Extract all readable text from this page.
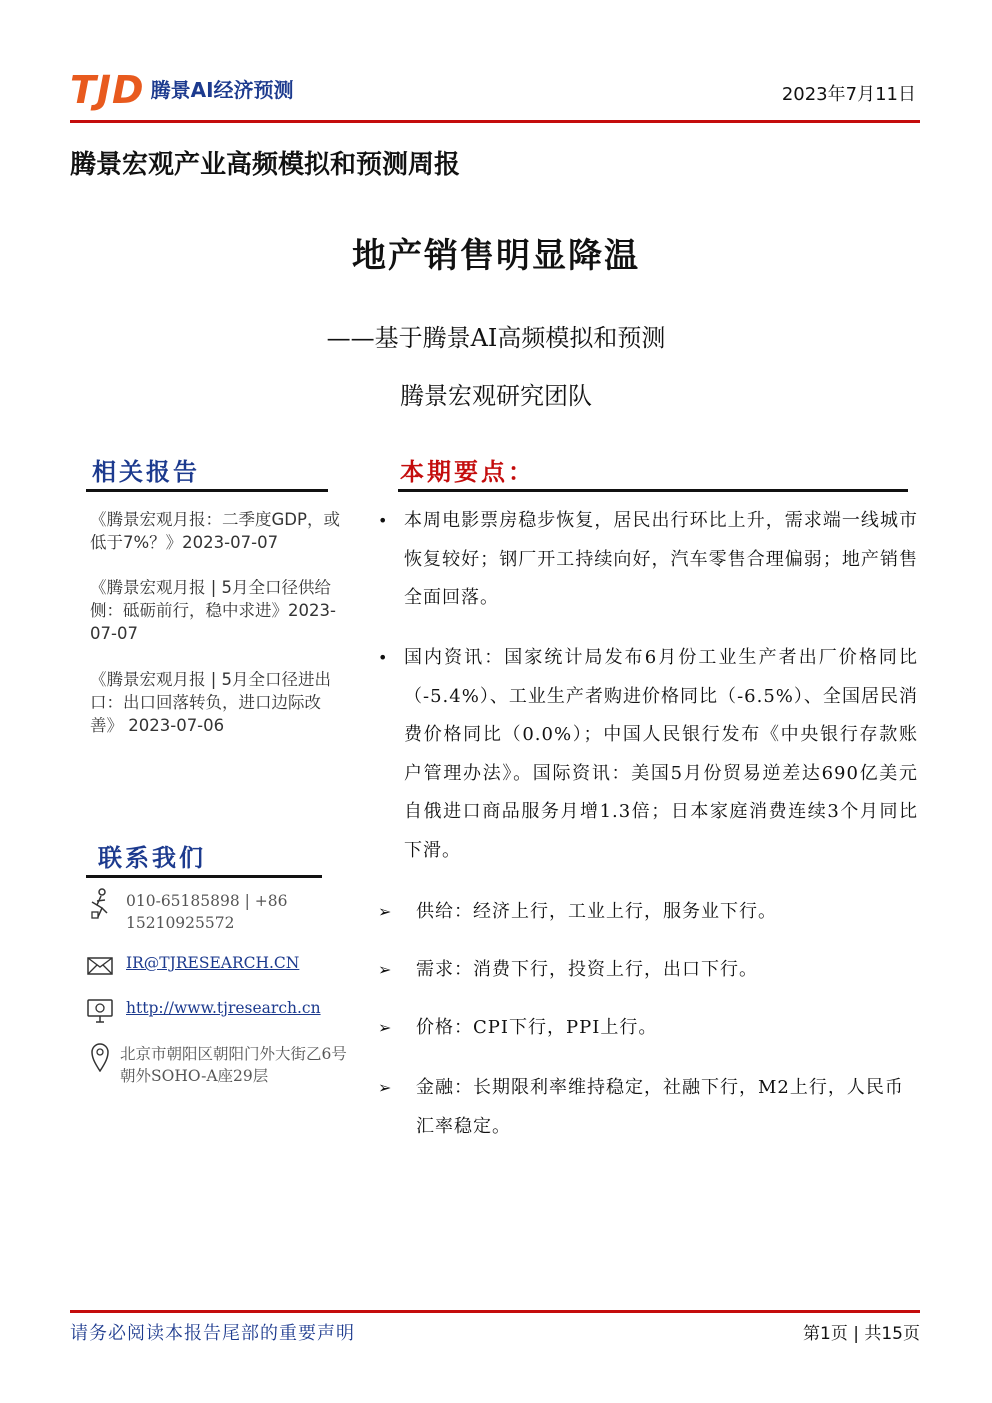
TJD 腾景AI经济预测	2023年7月11日
腾景宏观产业高频模拟和预测周报
地产销售明显降温
——基于腾景AI高频模拟和预测
腾景宏观研究团队
相关报告
《腾景宏观月报：二季度GDP，或低于7%？》2023-07-07
《腾景宏观月报 | 5月全口径供给侧：砥砺前行，稳中求进》2023-07-07
《腾景宏观月报 | 5月全口径进出口：出口回落转负，进口边际改善》 2023-07-06
联系我们
010-65185898 | +86 15210925572
IR@TJRESEARCH.CN
http://www.tjresearch.cn
北京市朝阳区朝阳门外大街乙6号朝外SOHO-A座29层
本期要点：
• 本周电影票房稳步恢复，居民出行环比上升，需求端一线城市恢复较好；钢厂开工持续向好，汽车零售合理偏弱；地产销售全面回落。
• 国内资讯：国家统计局发布6月份工业生产者出厂价格同比（-5.4%）、工业生产者购进价格同比（-6.5%）、全国居民消费价格同比（0.0%）；中国人民银行发布《中央银行存款账户管理办法》。国际资讯：美国5月份贸易逆差达690亿美元 自俄进口商品服务月增1.3倍；日本家庭消费连续3个月同比下滑。
➢	供给：经济上行，工业上行，服务业下行。
➢	需求：消费下行，投资上行，出口下行。
➢	价格：CPI下行，PPI上行。
➢	金融：长期限利率维持稳定，社融下行，M2上行，人民币汇率稳定。
请务必阅读本报告尾部的重要声明	第1页 | 共15页
